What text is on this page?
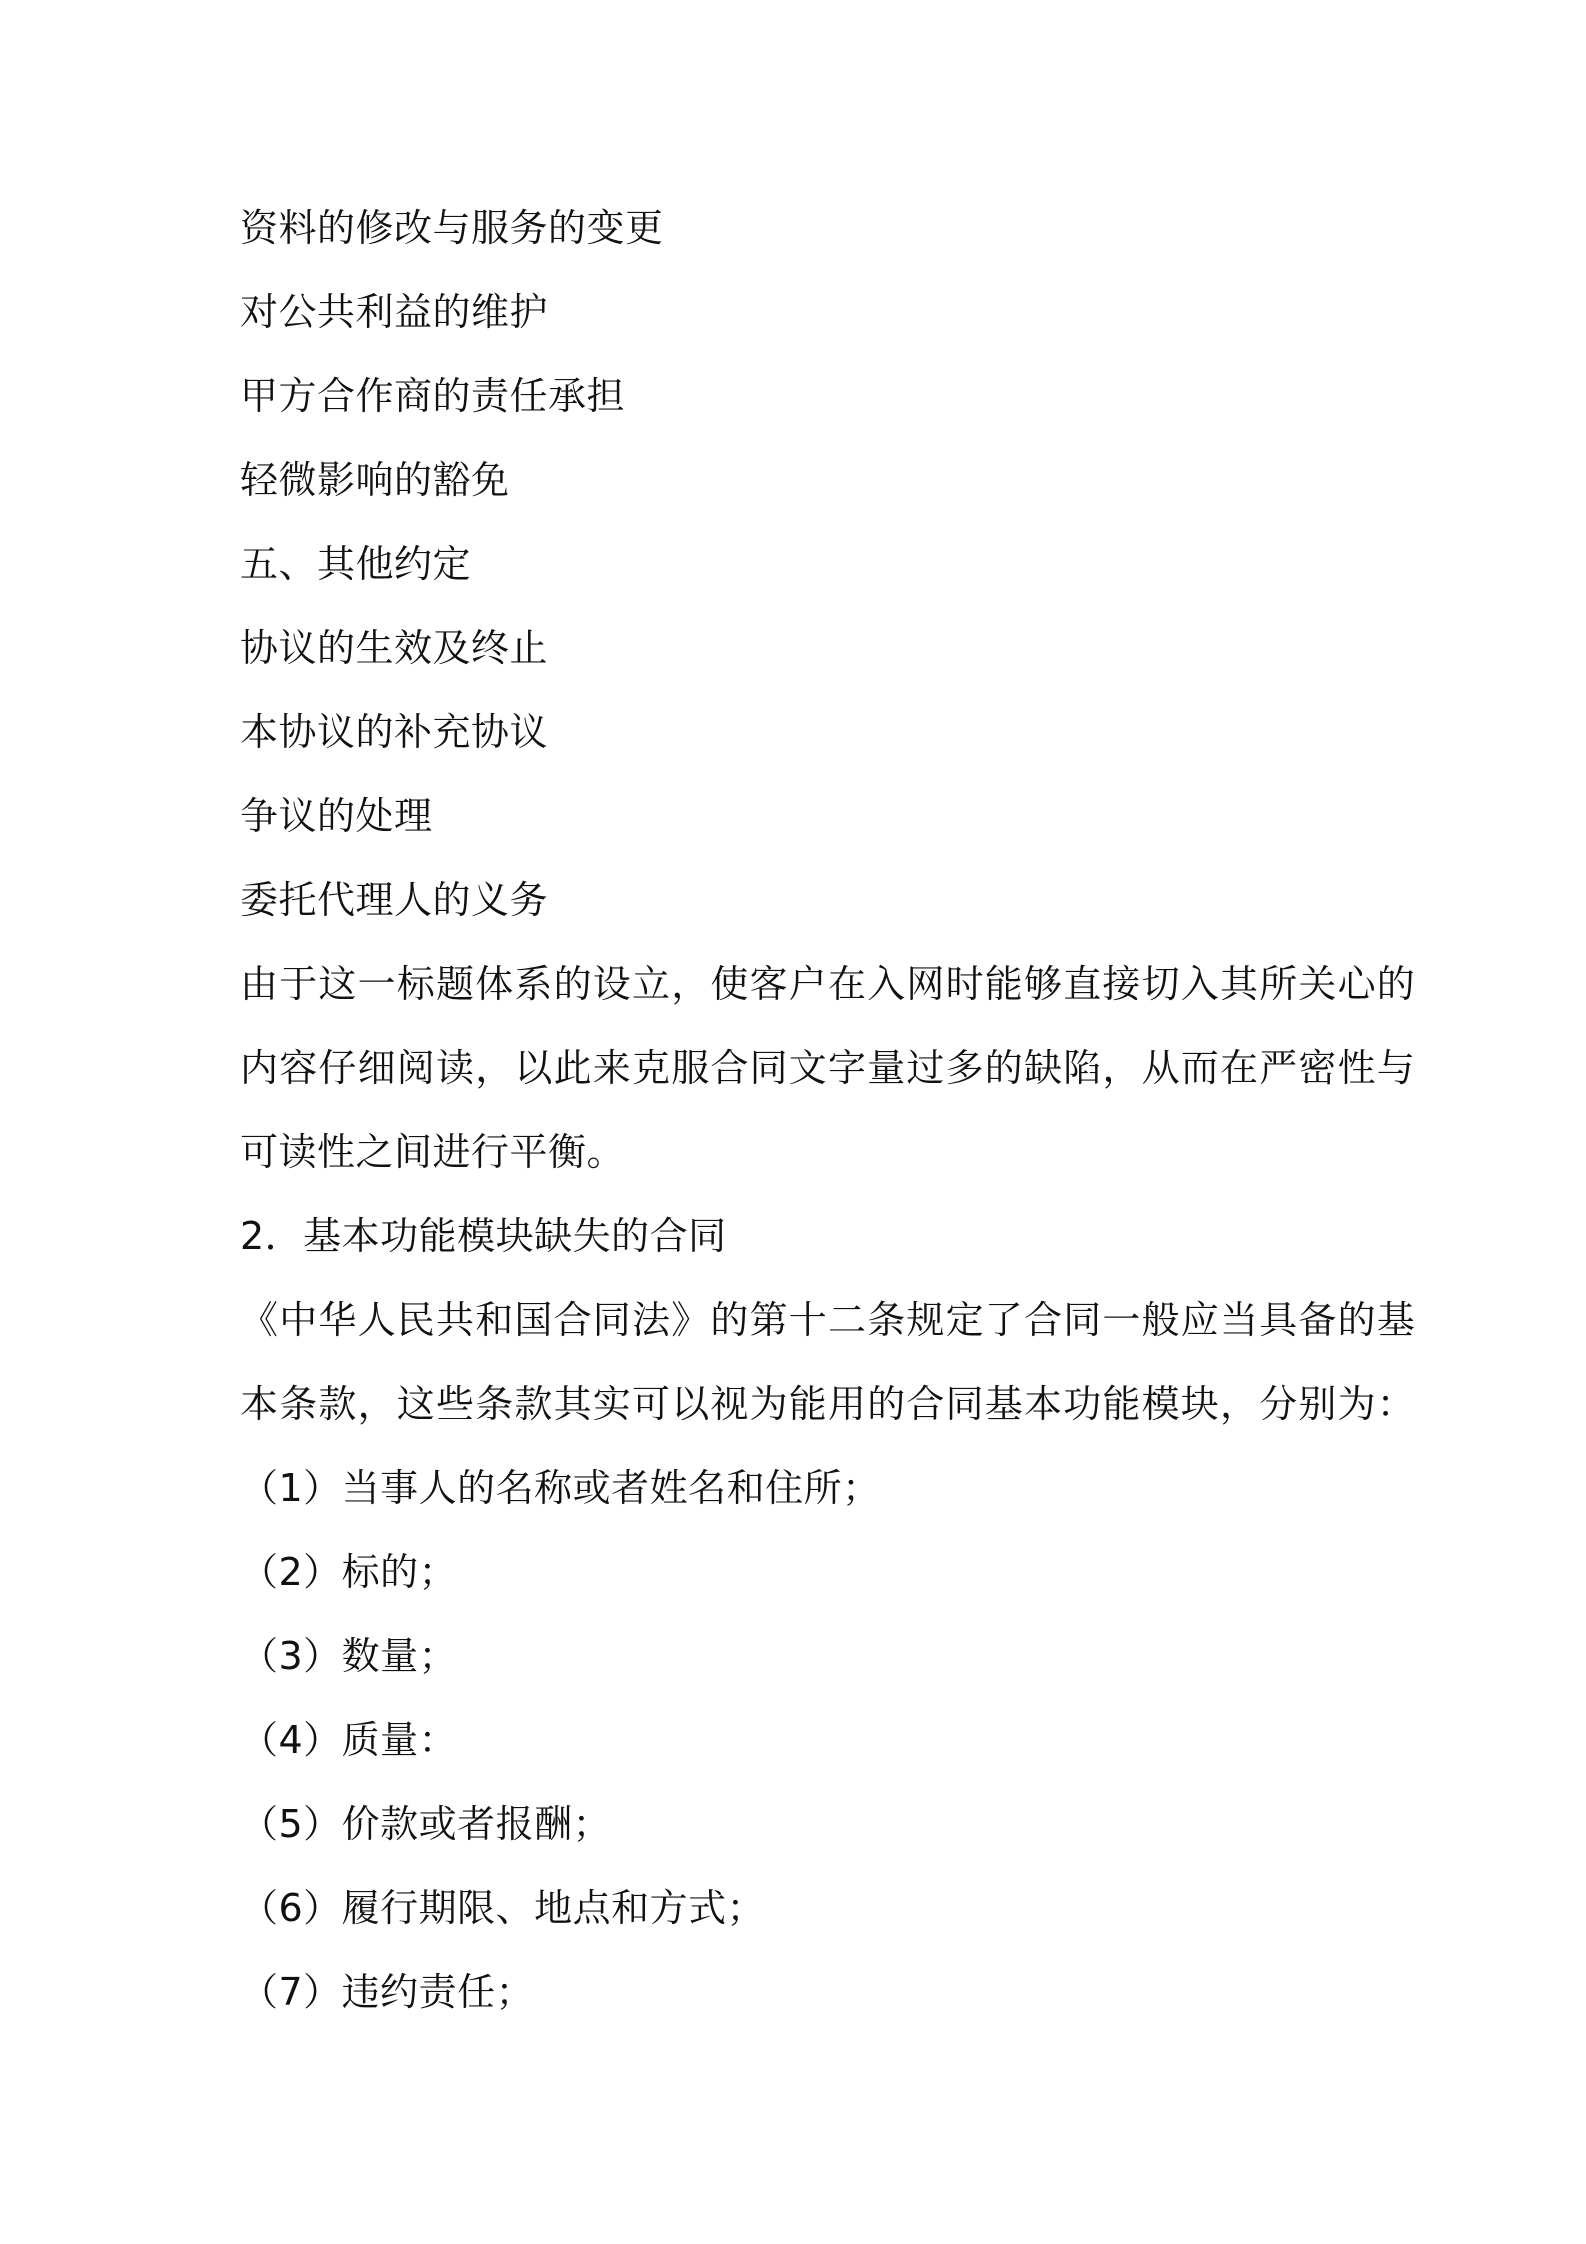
资料的修改与服务的变更
对公共利益的维护
甲方合作商的责任承担
轻微影响的豁免
五、其他约定
协议的生效及终止
本协议的补充协议
争议的处理
委托代理人的义务
由于这一标题体系的设立，使客户在入网时能够直接切入其所关心的
内容仔细阅读，以此来克服合同文字量过多的缺陷，从而在严密性与
可读性之间进行平衡。
2．基本功能模块缺失的合同
《中华人民共和国合同法》的第十二条规定了合同一般应当具备的基
本条款，这些条款其实可以视为能用的合同基本功能模块，分别为：
（1）当事人的名称或者姓名和住所；
（2）标的；
（3）数量；
（4）质量：
（5）价款或者报酬；
（6）履行期限、地点和方式；
（7）违约责任；
